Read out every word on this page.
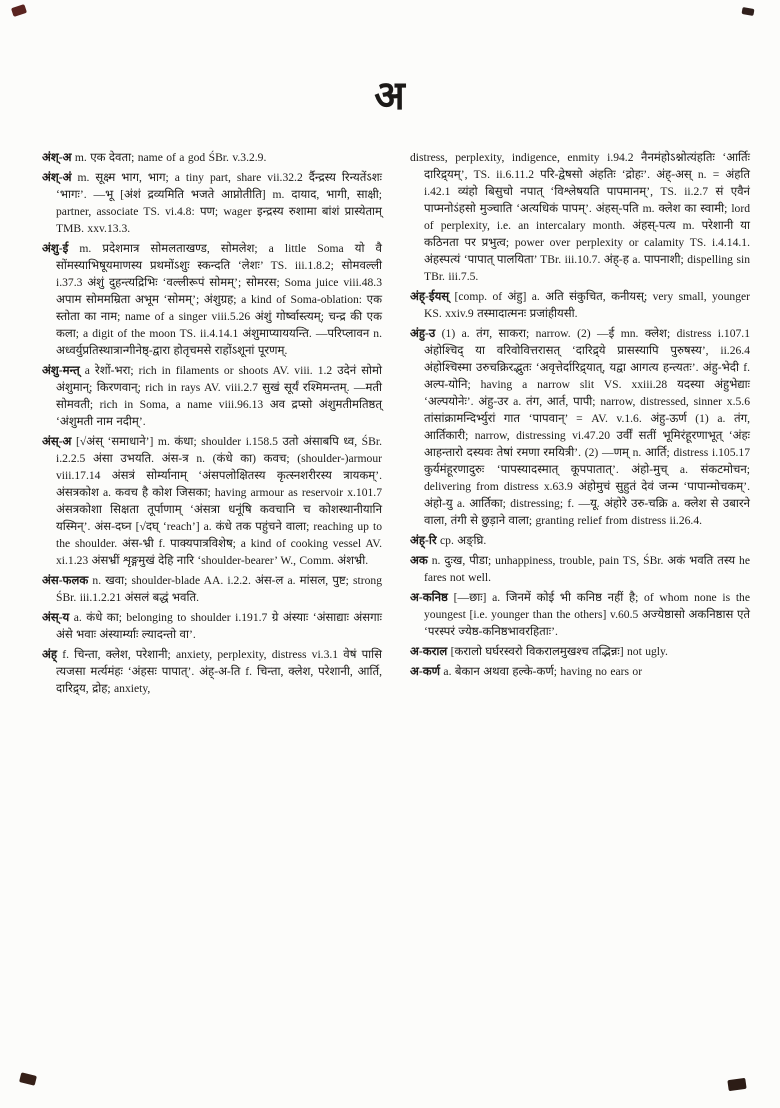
अ

अंश्-अ m. एक देवता; name of a god ŚBr. v.3.2.9.

अंश्-अं m. सूक्ष्म भाग, भाग; a tiny part, share vii.32.2 र्दैन्द्रस्य रिन्यतेंऽशः ‘भागः’. —भू [अंशं द्रव्यमिति भजते आप्नोतीति] m. दायाद, भागी, साक्षी; partner, associate TS. vi.4.8: पण; wager इन्द्रस्य रुशामा बांशं प्रास्येताम् TMB. xxv.13.3.

अंशु-ई m. प्रदेशमात्र सोमलताखण्ड, सोमलेश; a little Soma यो वै सोंमस्याभिषूयमाणस्य प्रथमोंऽशुः स्कन्दति ‘लेशः’ TS. iii.1.8.2; सोमवल्ली i.37.3 अंशुं दुहन्त्यद्रिभिः ‘वल्लीरूपं सोमम्’; सोमरस; Soma juice viii.48.3 अपाम सोममम्रिता अभूम ‘सोमम्’; अंशुग्रह; a kind of Soma-oblation: एक स्तोता का नाम; name of a singer viii.5.26 अंशुं गोर्ष्वास्त्यम्; चन्द्र की एक कला; a digit of the moon TS. ii.4.14.1 अंशुमाप्याययन्ति. —परिप्लावन n. अध्वर्युप्रतिस्थात्रान्गीनेष्ठ्-द्वारा होतृचमसे राहोंऽशूनां पूरणम्.

अंशु-मन्त् a रेशों-भरा; rich in filaments or shoots AV. viii. 1.2 उदेनं सोमो अंशुमान्; किरणवान्; rich in rays AV. viii.2.7 सुखं सूर्यं रश्मिमन्तम्. —मती सोमवती; rich in Soma, a name viii.96.13 अव द्रप्सो अंशुमतीमतिष्ठत् ‘अंशुमती नाम नदीम्’.

अंस्-अ [√अंस् ‘समाधाने’] m. कंधा; shoulder i.158.5 उतो अंसाबपि ध्व, ŚBr. i.2.2.5 अंसा उभयति. अंस-त्र n. (कंधे का) कवच; (shoulder-)armour viii.17.14 अंसत्रं सोर्म्यानाम् ‘अंसपलोक्षितस्य कृत्स्नशरीरस्य त्रायकम्’. अंसत्रकोश a. कवच है कोश जिसका; having armour as reservoir x.101.7 अंसत्रकोशा सिक्षता तूर्पाणाम् ‘अंसत्रा धनूंषि कवचानि च कोशस्थानीयानि यस्मिन्’. अंस-दघ्न [√दघ् ‘reach’] a. कंधे तक पहुंचने वाला; reaching up to the shoulder. अंस-भ्री f. पाक्यपात्रविशेष; a kind of cooking vessel AV. xi.1.23 अंसभ्रीं शृङ्गमुखं देहि नारि ‘shoulder-bearer’ W., Comm. अंशभ्री.

अंस-फलक n. खवा; shoulder-blade AA. i.2.2. अंस-ल a. मांसल, पुष्ट; strong ŚBr. iii.1.2.21 अंसलं बद्धं भवति.

अंस्-य a. कंधे का; belonging to shoulder i.191.7 ग्रे अंस्याः ‘अंसाद्याः अंसगाः अंसे भवाः अंस्यार्म्याः ल्यादन्तो वा’.

अंह् f. चिन्ता, क्लेश, परेशानी; anxiety, perplexity, distress vi.3.1 वेषं पासि त्यजसा मर्त्यमंहः ‘अंहसः पापात्’. अंह्-अ-ति f. चिन्ता, क्लेश, परेशानी, आर्ति, दारिद्र्य, द्रोह; anxiety,

distress, perplexity, indigence, enmity i.94.2 नैनमंहोऽश्नोत्यंहतिः ‘आर्तिः दारिद्र्यम्’, TS. ii.6.11.2 परि-द्वेषसो अंहतिः ‘द्रोहः’. अंह्-अस् n. = अंहति i.42.1 व्यंहो बिसुचो नपात् ‘विश्लेषयति पापमानम्’, TS. ii.2.7 सं एवैनं पाप्मनोऽंहसो मुञ्चाति ‘अत्यधिकं पापम्’. अंहस्-पति m. क्लेश का स्वामी; lord of perplexity, i.e. an intercalary month. अंहस्-पत्य m. परेशानी या कठिनता पर प्रभुत्व; power over perplexity or calamity TS. i.4.14.1. अंहस्पत्यं ‘पापात् पालयिता’ TBr. iii.10.7. अंह्-ह a. पापनाशी; dispelling sin TBr. iii.7.5.

अंह्-ईयस् [comp. of अंहु] a. अति संकुचित, कनीयस्; very small, younger KS. xxiv.9 तस्मादात्मनः प्रजांहीयसी.

अंहु-उ (1) a. तंग, साकरा; narrow. (2) —ई mn. क्लेश; distress i.107.1 अंहोश्चिद् या वरिवोवित्तरासत् ‘दारिद्र्ये प्रासस्यापि पुरुषस्य’, ii.26.4 अंहोश्चिस्मा उरुचक्रिरद्भुतः ‘अवृत्तेर्दारिद्र्यात्, यद्वा आगत्य हन्त्यतः’. अंहु-भेदी f. अल्प-योनि; having a narrow slit VS. xxiii.28 यदस्या अंहुभेद्याः ‘अल्पयोनेः’. अंहु-उर a. तंग, आर्त, पापी; narrow, distressed, sinner x.5.6 तांसांक्रामन्दिर्भ्युरां गात ‘पापवान्’ = AV. v.1.6. अंहु-ऊर्ण (1) a. तंग, आर्तिकारी; narrow, distressing vi.47.20 उर्वीं सतीं भूमिरंहूरणाभूत् ‘अंहः आहन्तारो दस्यवः तेषां रमणा रमयित्री’. (2) —णम् n. आर्ति; distress i.105.17 कुर्यमंहूरणादुरुः ‘पापस्यादस्मात् कूपपातात्’. अंहो-मुच् a. संकटमोचन; delivering from distress x.63.9 अंहोमुचं सुहुतं देवं जन्म ‘पापान्मोचकम्’. अंहो-यु a. आर्तिका; distressing; f. —यू. अंहोरे उरु-चक्रि a. क्लेश से उबारने वाला, तंगी से छुड़ाने वाला; granting relief from distress ii.26.4.

अंह्-रि cp. अङ्घ्रि.

अक n. दुःख, पीडा; unhappiness, trouble, pain TS, ŚBr. अकं भवति तस्य he fares not well.

अ-कनिष्ठ [—छाः] a. जिनमें कोई भी कनिष्ठ नहीं है; of whom none is the youngest [i.e. younger than the others] v.60.5 अज्येष्ठासो अकनिष्ठास एते ‘परस्परं ज्येष्ठ-कनिष्ठभावरहिताः’.

अ-कराल [करालो घर्घरस्वरो विकरालमुखश्च तद्भिन्नः] not ugly.

अ-कर्ण a. बेकान अथवा हल्के-कर्ण; having no ears or
